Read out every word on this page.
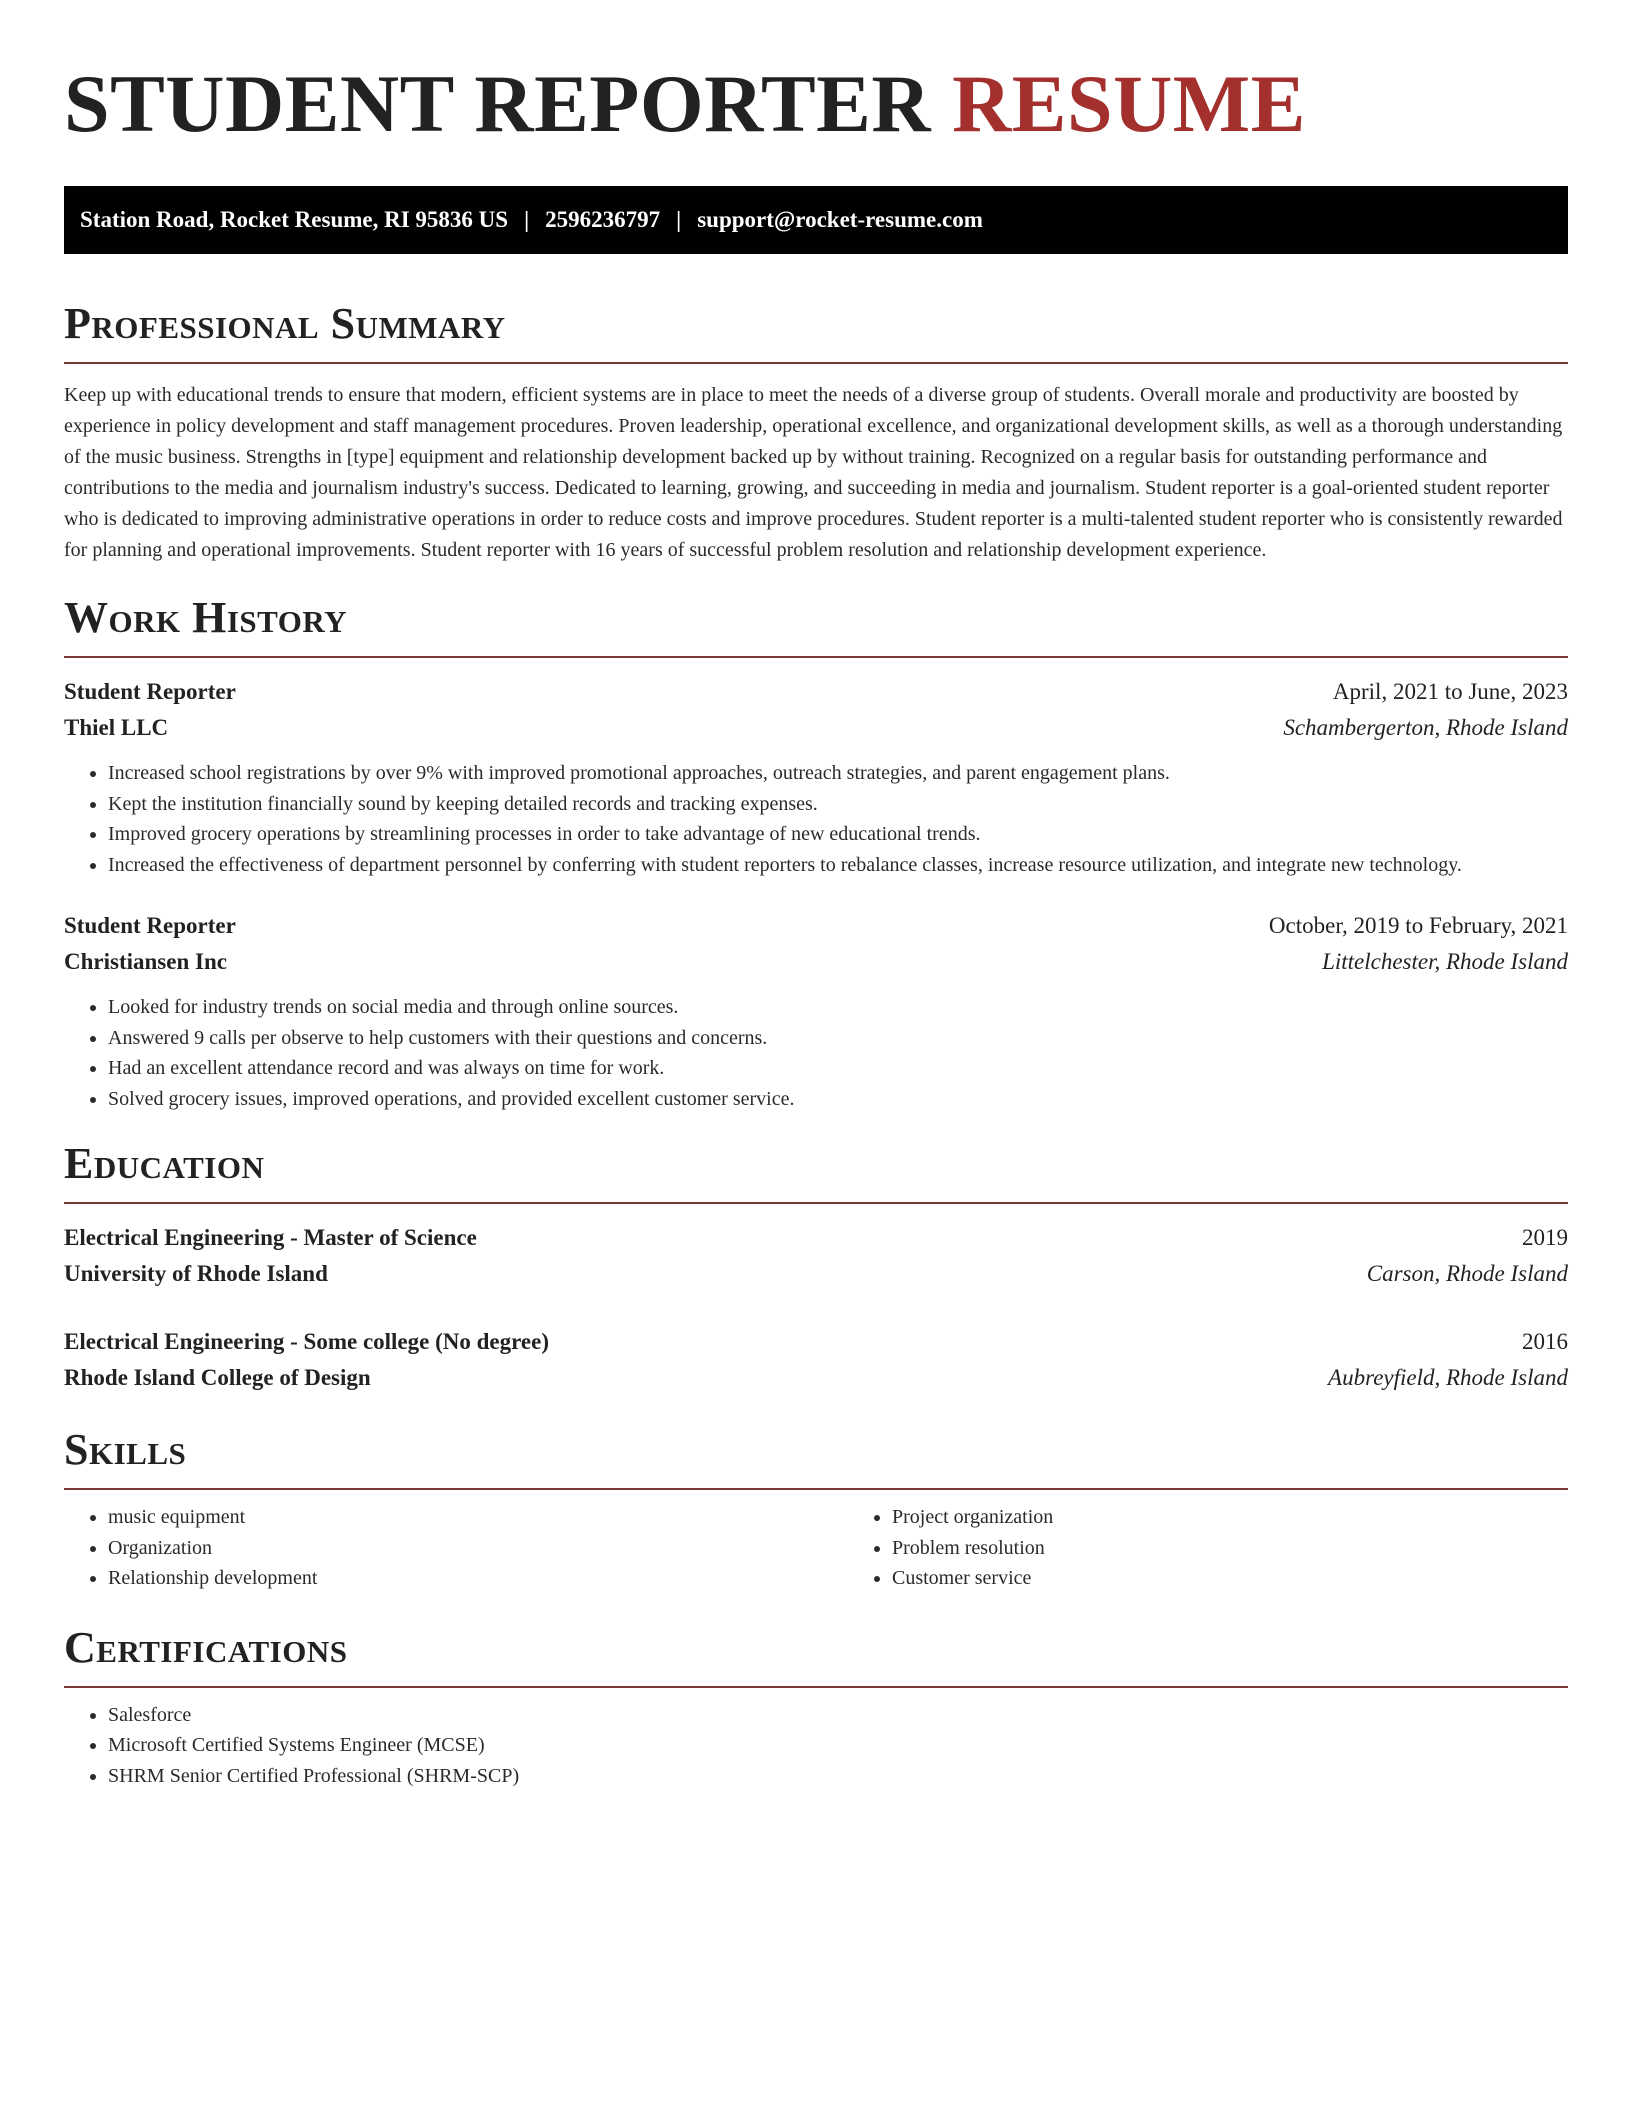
STUDENT REPORTER RESUME
Station Road, Rocket Resume, RI 95836 US | 2596236797 | support@rocket-resume.com
Professional Summary

Keep up with educational trends to ensure that modern, efficient systems are in place to meet the needs of a diverse group of students. Overall morale and productivity are boosted by experience in policy development and staff management procedures. Proven leadership, operational excellence, and organizational development skills, as well as a thorough understanding of the music business. Strengths in [type] equipment and relationship development backed up by without training. Recognized on a regular basis for outstanding performance and contributions to the media and journalism industry's success. Dedicated to learning, growing, and succeeding in media and journalism. Student reporter is a goal-oriented student reporter who is dedicated to improving administrative operations in order to reduce costs and improve procedures. Student reporter is a multi-talented student reporter who is consistently rewarded for planning and operational improvements. Student reporter with 16 years of successful problem resolution and relationship development experience.

Work History
Student Reporter	April, 2021 to June, 2023
Thiel LLC	Schambergerton, Rhode Island
• Increased school registrations by over 9% with improved promotional approaches, outreach strategies, and parent engagement plans.
• Kept the institution financially sound by keeping detailed records and tracking expenses.
• Improved grocery operations by streamlining processes in order to take advantage of new educational trends.
• Increased the effectiveness of department personnel by conferring with student reporters to rebalance classes, increase resource utilization, and integrate new technology.
Student Reporter	October, 2019 to February, 2021
Christiansen Inc	Littelchester, Rhode Island
• Looked for industry trends on social media and through online sources.
• Answered 9 calls per observe to help customers with their questions and concerns.
• Had an excellent attendance record and was always on time for work.
• Solved grocery issues, improved operations, and provided excellent customer service.
Education
Electrical Engineering - Master of Science	2019
University of Rhode Island	Carson, Rhode Island
Electrical Engineering - Some college (No degree)	2016
Rhode Island College of Design	Aubreyfield, Rhode Island
Skills
• music equipment
• Organization
• Relationship development
• Project organization
• Problem resolution
• Customer service
Certifications
• Salesforce
• Microsoft Certified Systems Engineer (MCSE)
• SHRM Senior Certified Professional (SHRM-SCP)
